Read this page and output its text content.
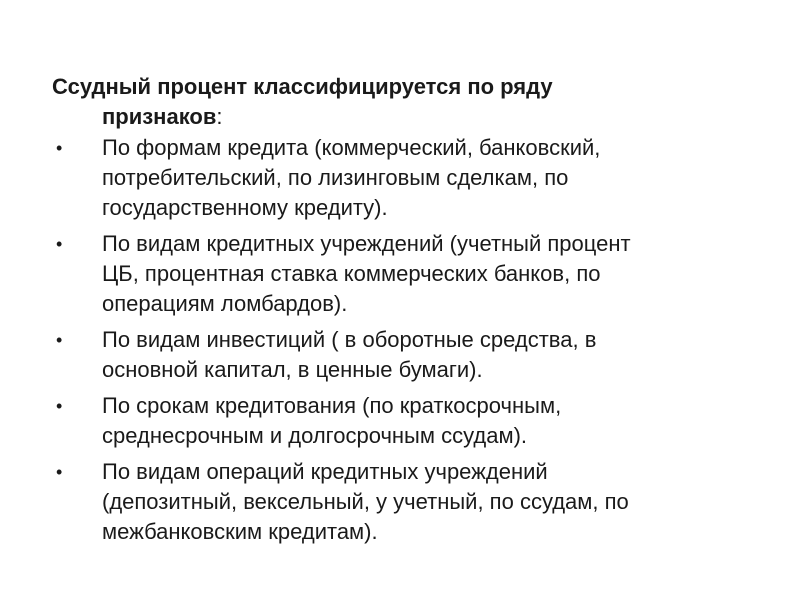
Ссудный процент классифицируется по ряду
признаков:
• По формам кредита (коммерческий, банковский,
потребительский, по лизинговым сделкам, по
государственному кредиту).
• По видам кредитных учреждений (учетный процент
ЦБ, процентная ставка коммерческих банков, по
операциям ломбардов).
• По видам инвестиций ( в оборотные средства, в
основной капитал, в ценные бумаги).
• По срокам кредитования (по краткосрочным,
среднесрочным и долгосрочным ссудам).
• По видам операций кредитных учреждений
(депозитный, вексельный, у учетный, по ссудам, по
межбанковским кредитам).
